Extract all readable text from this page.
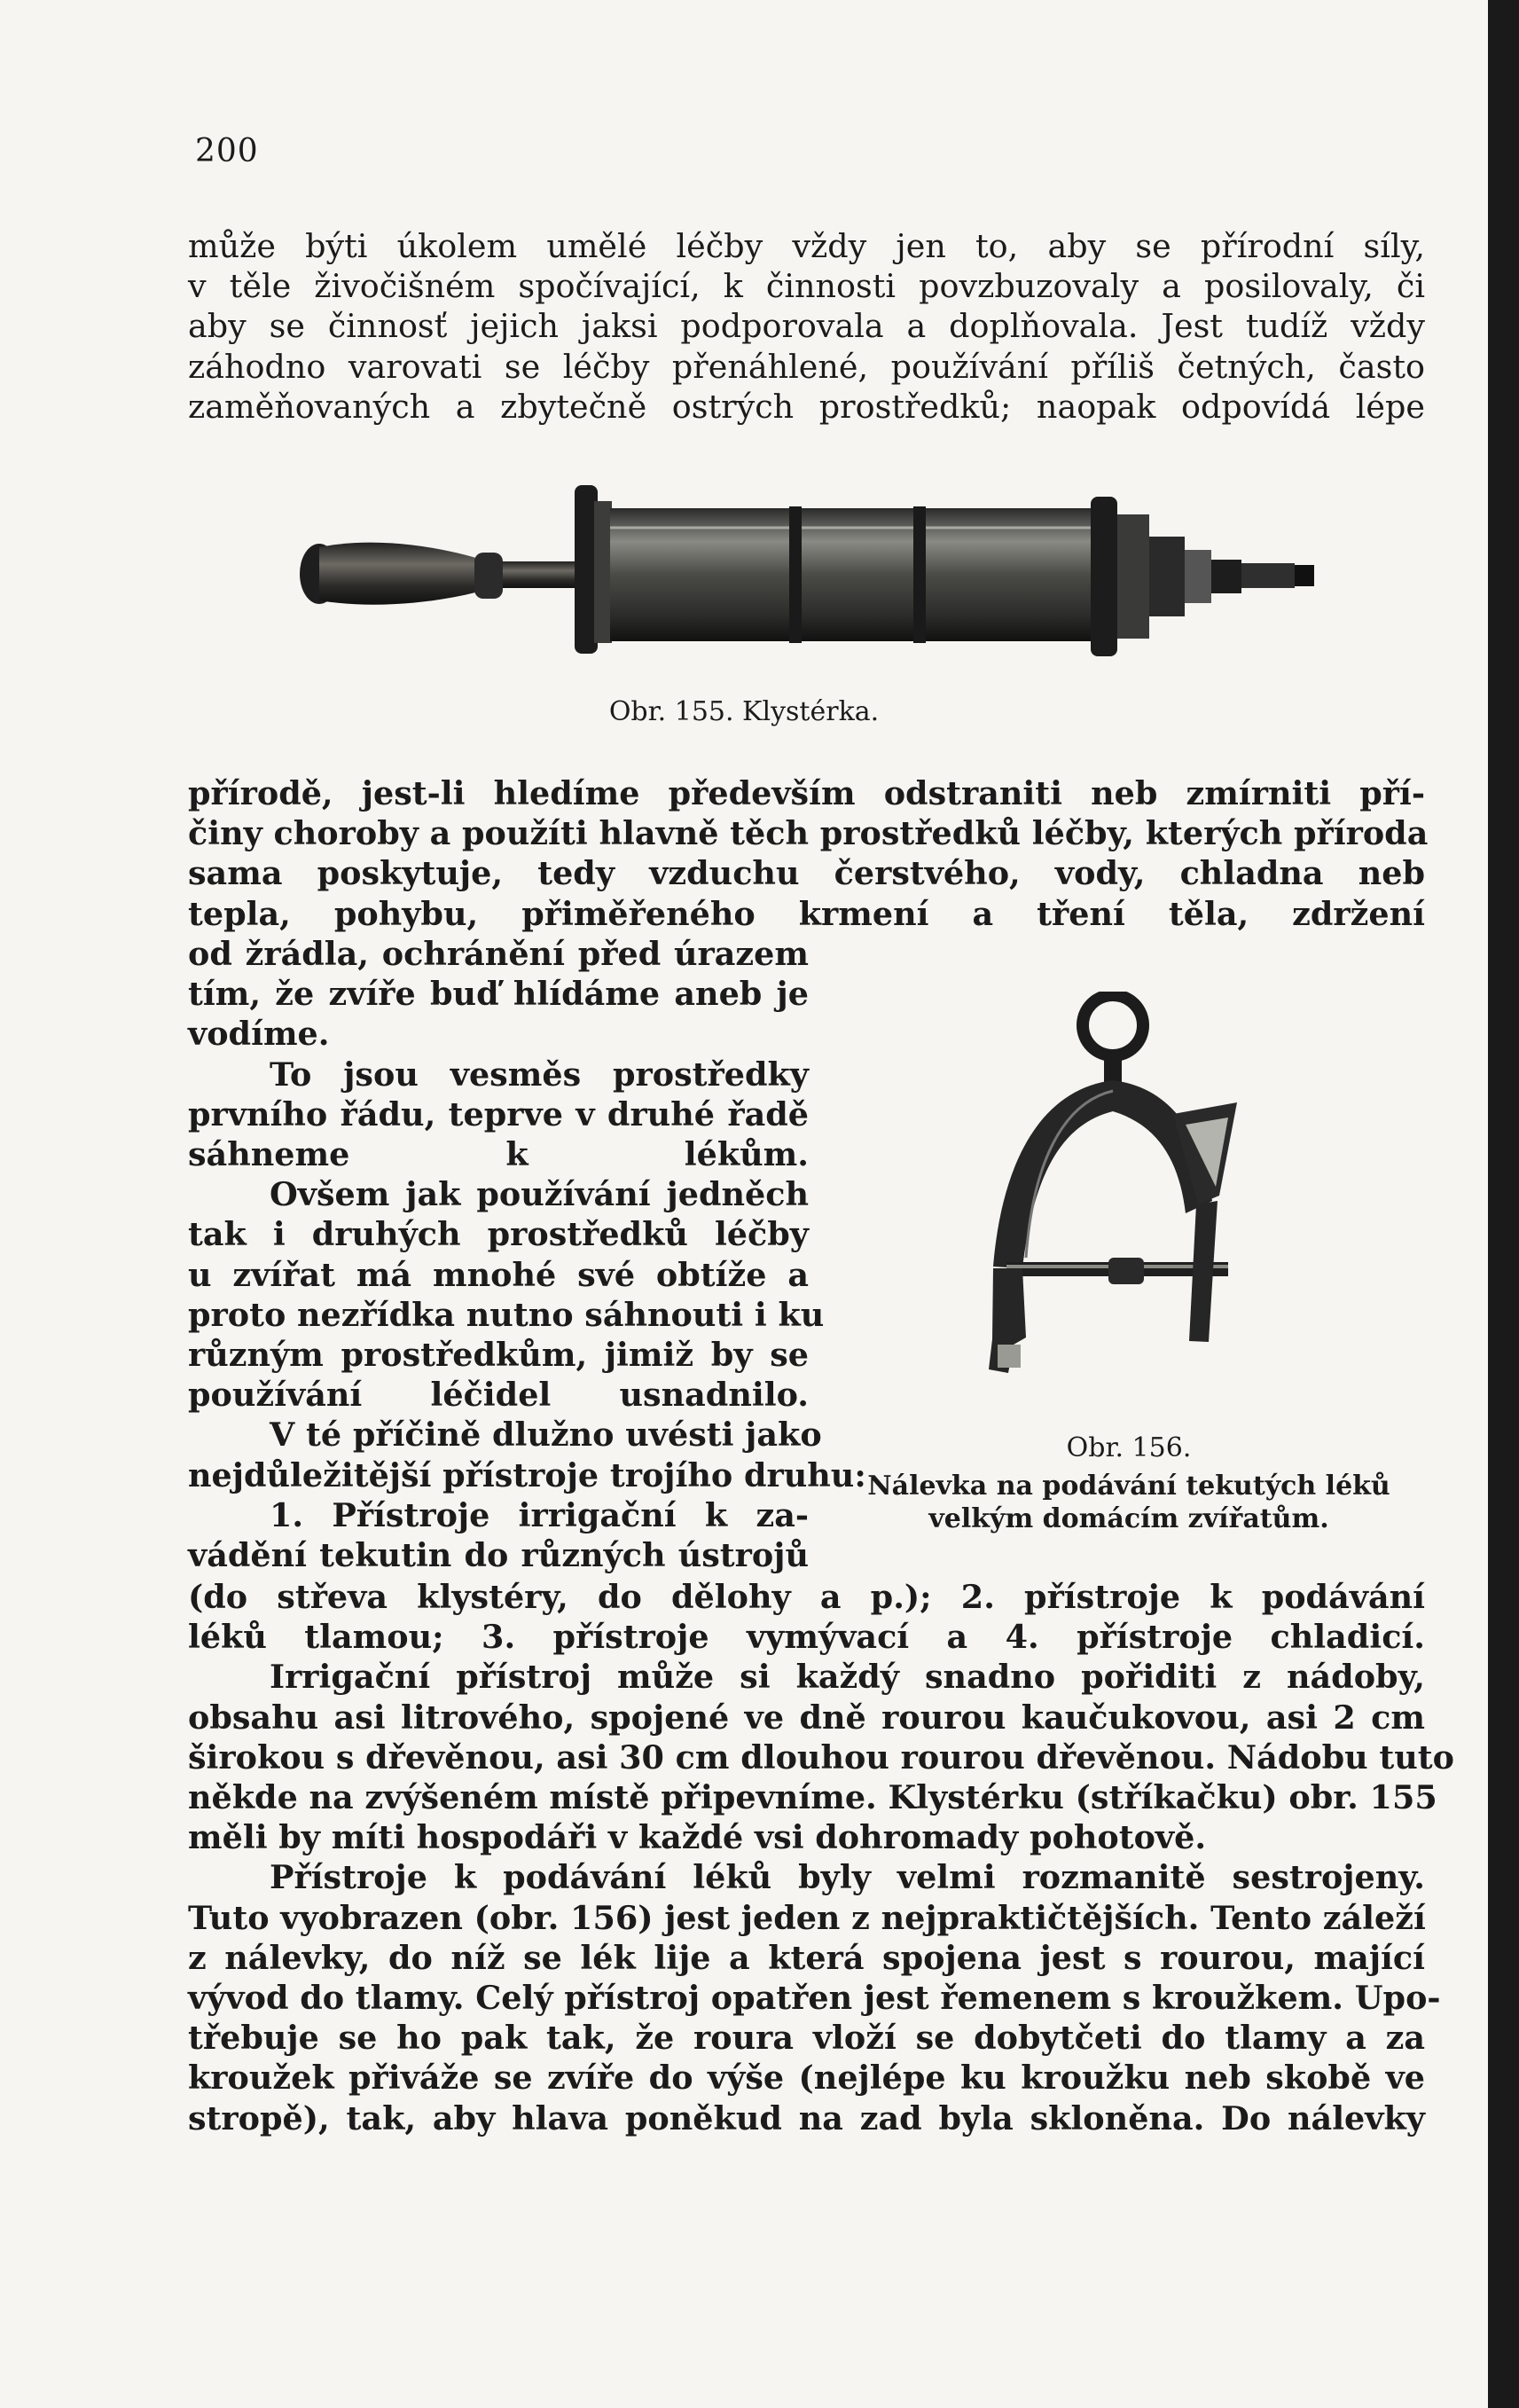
200
může býti úkolem umělé léčby vždy jen to, aby se přírodní síly,
v těle živočišném spočívající, k činnosti povzbuzovaly a posilovaly, či
aby se činnosť jejich jaksi podporovala a doplňovala. Jest tudíž vždy
záhodno varovati se léčby přenáhlené, používání příliš četných, často
zaměňovaných a zbytečně ostrých prostředků; naopak odpovídá lépe
Obr. 155. Klystérka.
přírodě, jest-li hledíme především odstraniti neb zmírniti pří-
činy choroby a použíti hlavně těch prostředků léčby, kterých příroda
sama poskytuje, tedy vzduchu čerstvého, vody, chladna neb
tepla, pohybu, přiměřeného krmení a tření těla, zdržení
od žrádla, ochránění před úrazem
tím, že zvíře buď hlídáme aneb je
vodíme.
To jsou vesměs prostředky
prvního řádu, teprve v druhé řadě
sáhneme k lékům.
Ovšem jak používání jedněch
tak i druhých prostředků léčby
u zvířat má mnohé své obtíže a
proto nezřídka nutno sáhnouti i ku
různým prostředkům, jimiž by se
používání léčidel usnadnilo.
V té příčině dlužno uvésti jako
nejdůležitější přístroje trojího druhu:
1. Přístroje irrigační k za-
vádění tekutin do různých ústrojů
Obr. 156.
Nálevka na podávání tekutých léků
velkým domácím zvířatům.
(do střeva klystéry, do dělohy a p.); 2. přístroje k podávání
léků tlamou; 3. přístroje vymývací a 4. přístroje chladicí.
Irrigační přístroj může si každý snadno pořiditi z nádoby,
obsahu asi litrového, spojené ve dně rourou kaučukovou, asi 2 cm
širokou s dřevěnou, asi 30 cm dlouhou rourou dřevěnou. Nádobu tuto
někde na zvýšeném místě připevníme. Klystérku (stříkačku) obr. 155
měli by míti hospodáři v každé vsi dohromady pohotově.
Přístroje k podávání léků byly velmi rozmanitě sestrojeny.
Tuto vyobrazen (obr. 156) jest jeden z nejpraktičtějších. Tento záleží
z nálevky, do níž se lék lije a která spojena jest s rourou, mající
vývod do tlamy. Celý přístroj opatřen jest řemenem s kroužkem. Upo-
třebuje se ho pak tak, že roura vloží se dobytčeti do tlamy a za
kroužek přiváže se zvíře do výše (nejlépe ku kroužku neb skobě ve
stropě), tak, aby hlava poněkud na zad byla skloněna. Do nálevky
